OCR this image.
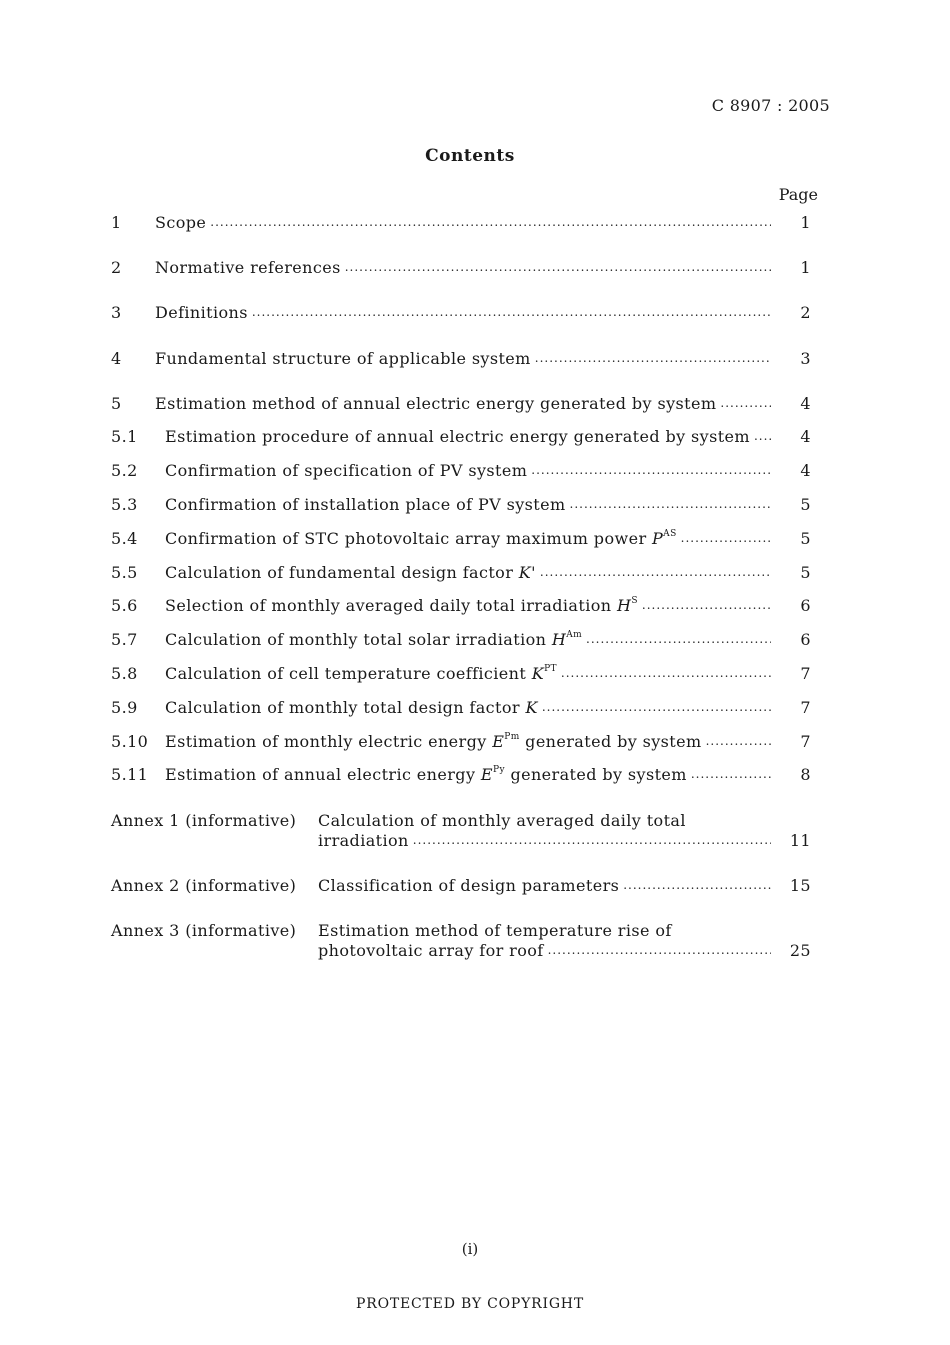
C 8907 : 2005
Contents
Page
1 Scope .....	1
2 Normative references .....	1
3 Definitions .....	2
4 Fundamental structure of applicable system .....	3
5 Estimation method of annual electric energy generated by system .....	4
5.1 Estimation procedure of annual electric energy generated by system .....	4
5.2 Confirmation of specification of PV system .....	4
5.3 Confirmation of installation place of PV system .....	5
5.4 Confirmation of STC photovoltaic array maximum power
P AS .....	5
5.5 Calculation of fundamental design factor
K' .....	5
5.6 Selection of monthly averaged daily total irradiation
H S .....	6
5.7 Calculation of monthly total solar irradiation
H Am .....	6
5.8 Calculation of cell temperature coefficient
K PT .....	7
5.9 Calculation of monthly total design factor
K .....	7
5.10 Estimation of monthly electric energy
E Pm
generated by system .....	7
5.11 Estimation of annual electric energy
E Py
generated by system .....	8
Annex 1 (informative) Calculation of monthly averaged daily total
irradiation .....	11
Annex 2 (informative) Classification of design parameters .....	15
Annex 3 (informative) Estimation method of temperature rise of
photovoltaic array for roof .....	25
(i)
PROTECTED BY COPYRIGHT
